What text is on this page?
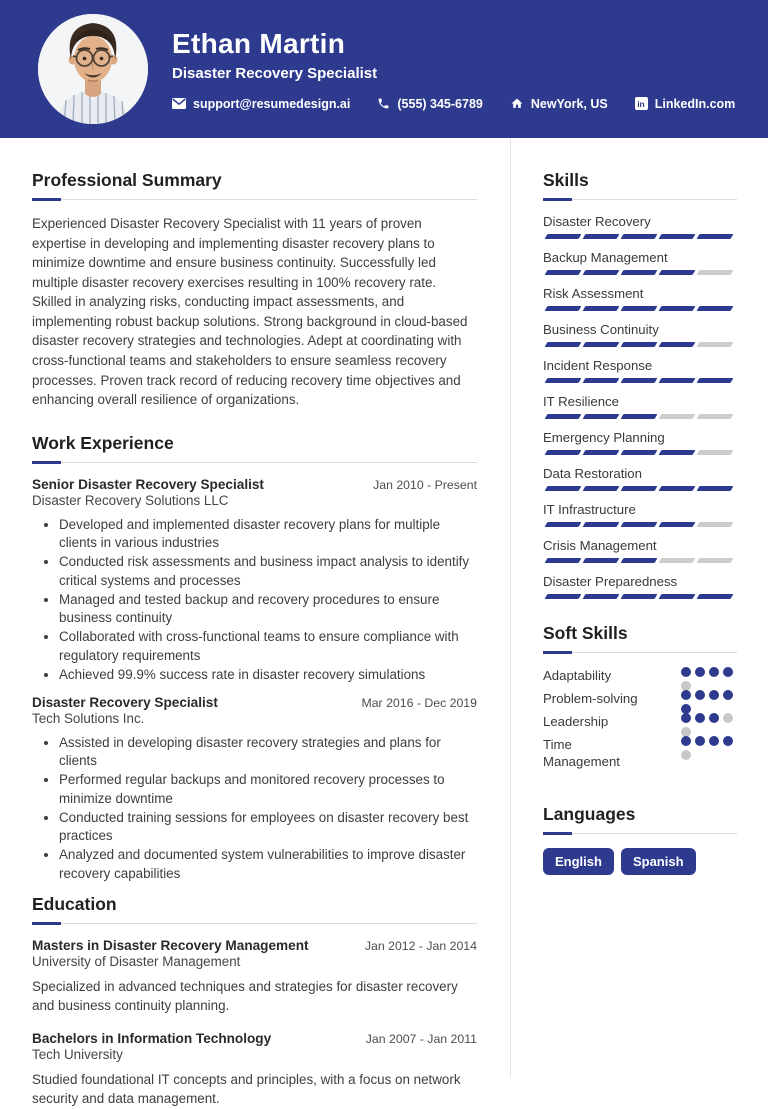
Ethan Martin
Disaster Recovery Specialist
support@resumedesign.ai	(555) 345-6789	NewYork, US	in LinkedIn.com
Professional Summary

Experienced Disaster Recovery Specialist with 11 years of proven expertise in developing and implementing disaster recovery plans to minimize downtime and ensure business continuity. Successfully led multiple disaster recovery exercises resulting in 100% recovery rate. Skilled in analyzing risks, conducting impact assessments, and implementing robust backup solutions. Strong background in cloud-based disaster recovery strategies and technologies. Adept at coordinating with cross-functional teams and stakeholders to ensure seamless recovery processes. Proven track record of reducing recovery time objectives and enhancing overall resilience of organizations.

Work Experience
Senior Disaster Recovery Specialist	Jan 2010 - Present
Disaster Recovery Solutions LLC
• Developed and implemented disaster recovery plans for multiple clients in various industries
• Conducted risk assessments and business impact analysis to identify critical systems and processes
• Managed and tested backup and recovery procedures to ensure business continuity
• Collaborated with cross-functional teams to ensure compliance with regulatory requirements
• Achieved 99.9% success rate in disaster recovery simulations
Disaster Recovery Specialist	Mar 2016 - Dec 2019
Tech Solutions Inc.
• Assisted in developing disaster recovery strategies and plans for clients
• Performed regular backups and monitored recovery processes to minimize downtime
• Conducted training sessions for employees on disaster recovery best practices
• Analyzed and documented system vulnerabilities to improve disaster recovery capabilities
Education
Masters in Disaster Recovery Management	Jan 2012 - Jan 2014
University of Disaster Management

Specialized in advanced techniques and strategies for disaster recovery and business continuity planning.

Bachelors in Information Technology	Jan 2007 - Jan 2011
Tech University

Studied foundational IT concepts and principles, with a focus on network security and data management.

Skills
Disaster Recovery
Backup Management
Risk Assessment
Business Continuity
Incident Response
IT Resilience
Emergency Planning
Data Restoration
IT Infrastructure
Crisis Management
Disaster Preparedness
Soft Skills
Adaptability
Problem-solving
Leadership
Time Management
Languages
English	Spanish
